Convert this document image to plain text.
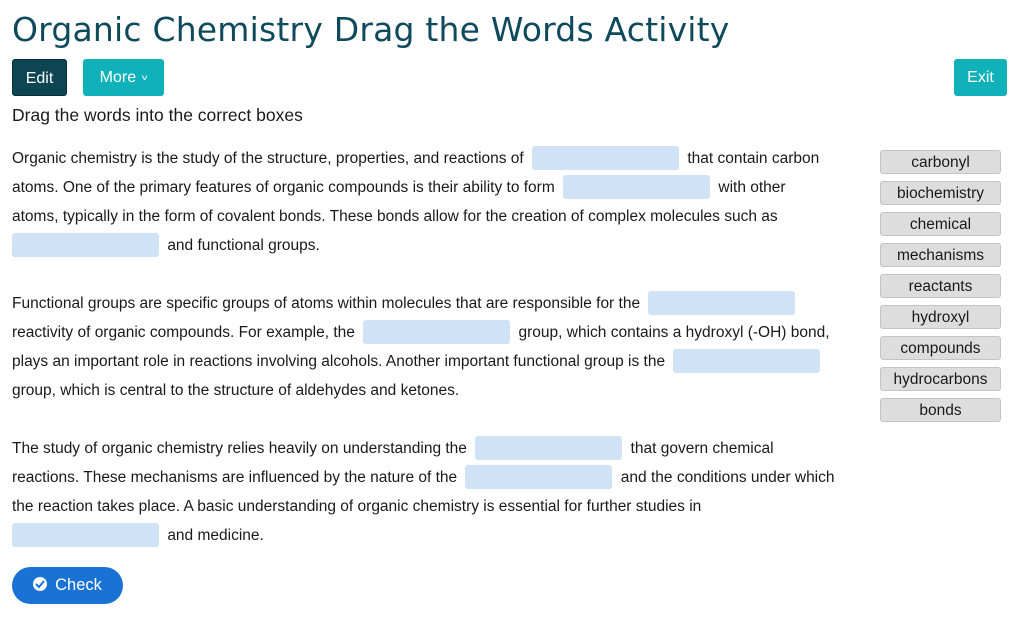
Organic Chemistry Drag the Words Activity
Edit	More ˅	Exit
Drag the words into the correct boxes
Organic chemistry is the study of the structure, properties, and reactions of	that contain carbon
atoms. One of the primary features of organic compounds is their ability to form	with other
atoms, typically in the form of covalent bonds. These bonds allow for the creation of complex molecules such as
and functional groups.
Functional groups are specific groups of atoms within molecules that are responsible for the
reactivity of organic compounds. For example, the	group, which contains a hydroxyl (-OH) bond,
plays an important role in reactions involving alcohols. Another important functional group is the
group, which is central to the structure of aldehydes and ketones.
The study of organic chemistry relies heavily on understanding the	that govern chemical
reactions. These mechanisms are influenced by the nature of the	and the conditions under which
the reaction takes place. A basic understanding of organic chemistry is essential for further studies in
and medicine.
carbonyl
biochemistry
chemical
mechanisms
reactants
hydroxyl
compounds
hydrocarbons
bonds
Check
